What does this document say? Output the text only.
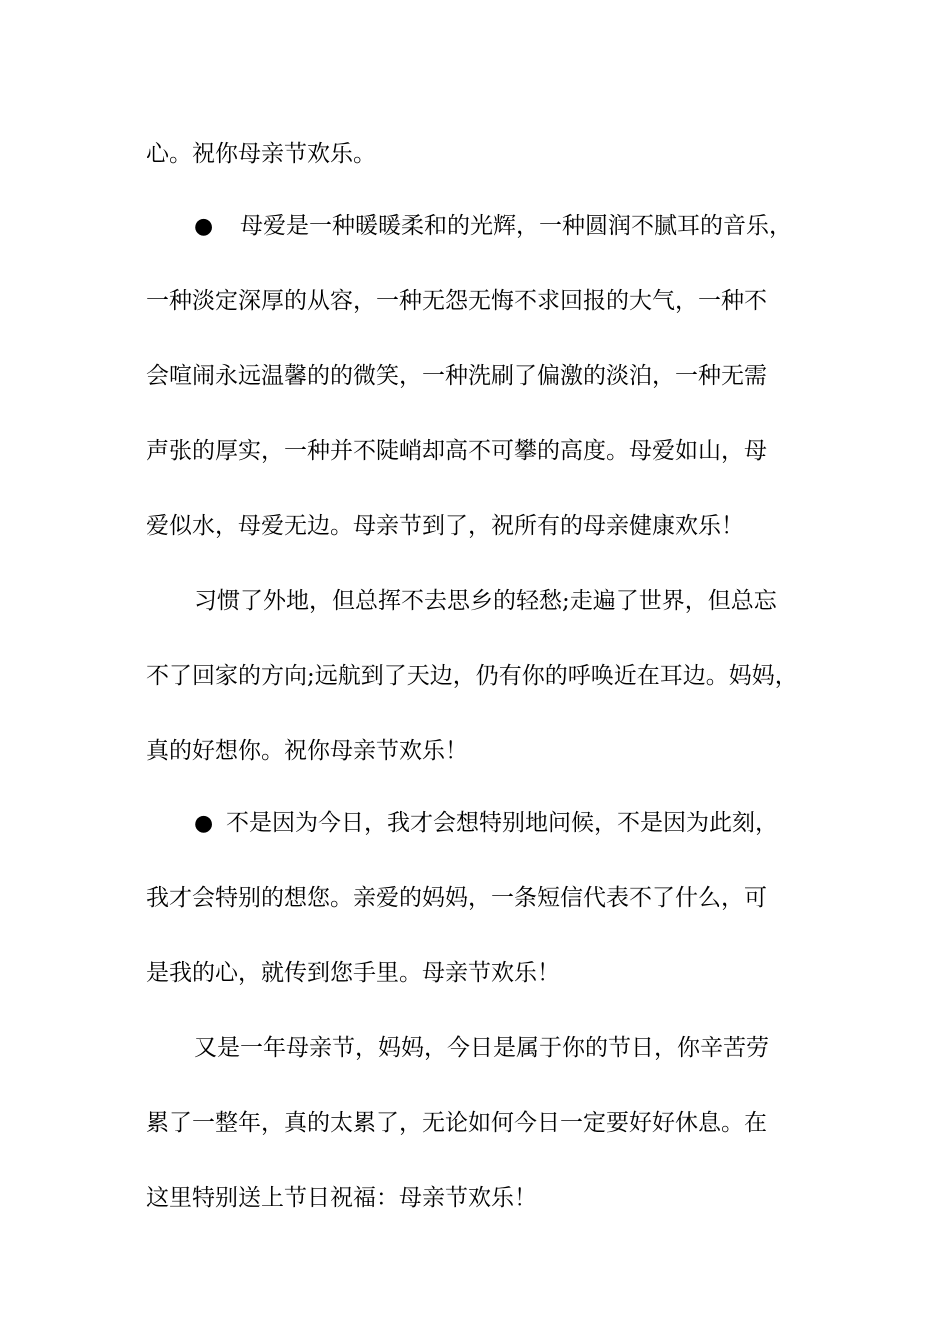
心。祝你母亲节欢乐。
● 母爱是一种暖暖柔和的光辉，一种圆润不腻耳的音乐，
一种淡定深厚的从容，一种无怨无悔不求回报的大气，一种不
会喧闹永远温馨的的微笑，一种洗刷了偏激的淡泊，一种无需
声张的厚实，一种并不陡峭却高不可攀的高度。母爱如山，母
爱似水，母爱无边。母亲节到了，祝所有的母亲健康欢乐！
习惯了外地，但总挥不去思乡的轻愁;走遍了世界，但总忘
不了回家的方向;远航到了天边，仍有你的呼唤近在耳边。妈妈，
真的好想你。祝你母亲节欢乐！
● 不是因为今日，我才会想特别地问候，不是因为此刻，
我才会特别的想您。亲爱的妈妈，一条短信代表不了什么，可
是我的心，就传到您手里。母亲节欢乐！
又是一年母亲节，妈妈，今日是属于你的节日，你辛苦劳
累了一整年，真的太累了，无论如何今日一定要好好休息。在
这里特别送上节日祝福：母亲节欢乐！
